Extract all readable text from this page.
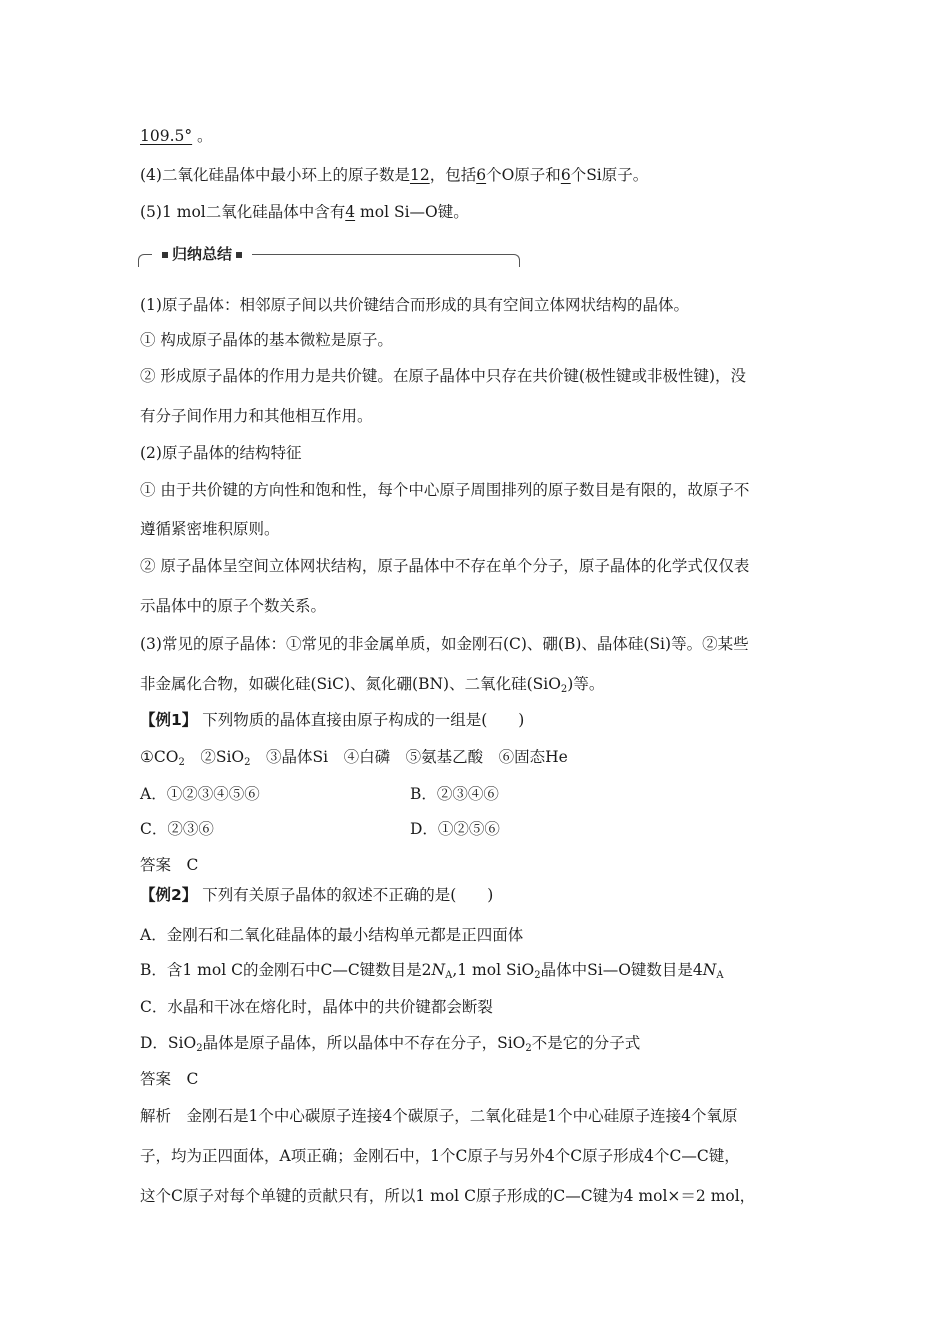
109.5° 。
(4)二氧化硅晶体中最小环上的原子数是12，包括6个O原子和6个Si原子。
(5)1 mol二氧化硅晶体中含有4 mol Si—O键。
归纳总结
(1)原子晶体：相邻原子间以共价键结合而形成的具有空间立体网状结构的晶体。
① 构成原子晶体的基本微粒是原子。
② 形成原子晶体的作用力是共价键。在原子晶体中只存在共价键(极性键或非极性键)，没
有分子间作用力和其他相互作用。
(2)原子晶体的结构特征
① 由于共价键的方向性和饱和性，每个中心原子周围排列的原子数目是有限的，故原子不
遵循紧密堆积原则。
② 原子晶体呈空间立体网状结构，原子晶体中不存在单个分子，原子晶体的化学式仅仅表
示晶体中的原子个数关系。
(3)常见的原子晶体：①常见的非金属单质，如金刚石(C)、硼(B)、晶体硅(Si)等。②某些
非金属化合物，如碳化硅(SiC)、氮化硼(BN)、二氧化硅(SiO$_2$)等。
【例1】 下列物质的晶体直接由原子构成的一组是(　　)
$①CO_2$　②SiO$_2$　③晶体Si　④白磷　⑤氨基乙酸　⑥固态He
A．①②③④⑤⑥	B．②③④⑥
C．②③⑥	D．①②⑤⑥
答案　C
【例2】 下列有关原子晶体的叙述不正确的是(　　)
A．金刚石和二氧化硅晶体的最小结构单元都是正四面体
B．含1 mol C的金刚石中C—C键数目是$2N_A,1$ mol SiO$_2$晶体中Si—O键数目是$4N_A$
C．水晶和干冰在熔化时，晶体中的共价键都会断裂
D．SiO$_2$晶体是原子晶体，所以晶体中不存在分子，SiO$_2$不是它的分子式
答案　C
解析　金刚石是1个中心碳原子连接4个碳原子，二氧化硅是1个中心硅原子连接4个氧原
子，均为正四面体，A项正确；金刚石中，1个C原子与另外4个C原子形成4个C—C键，
这个C原子对每个单键的贡献只有，所以1 mol C原子形成的C—C键为4 mol×＝2 mol，
